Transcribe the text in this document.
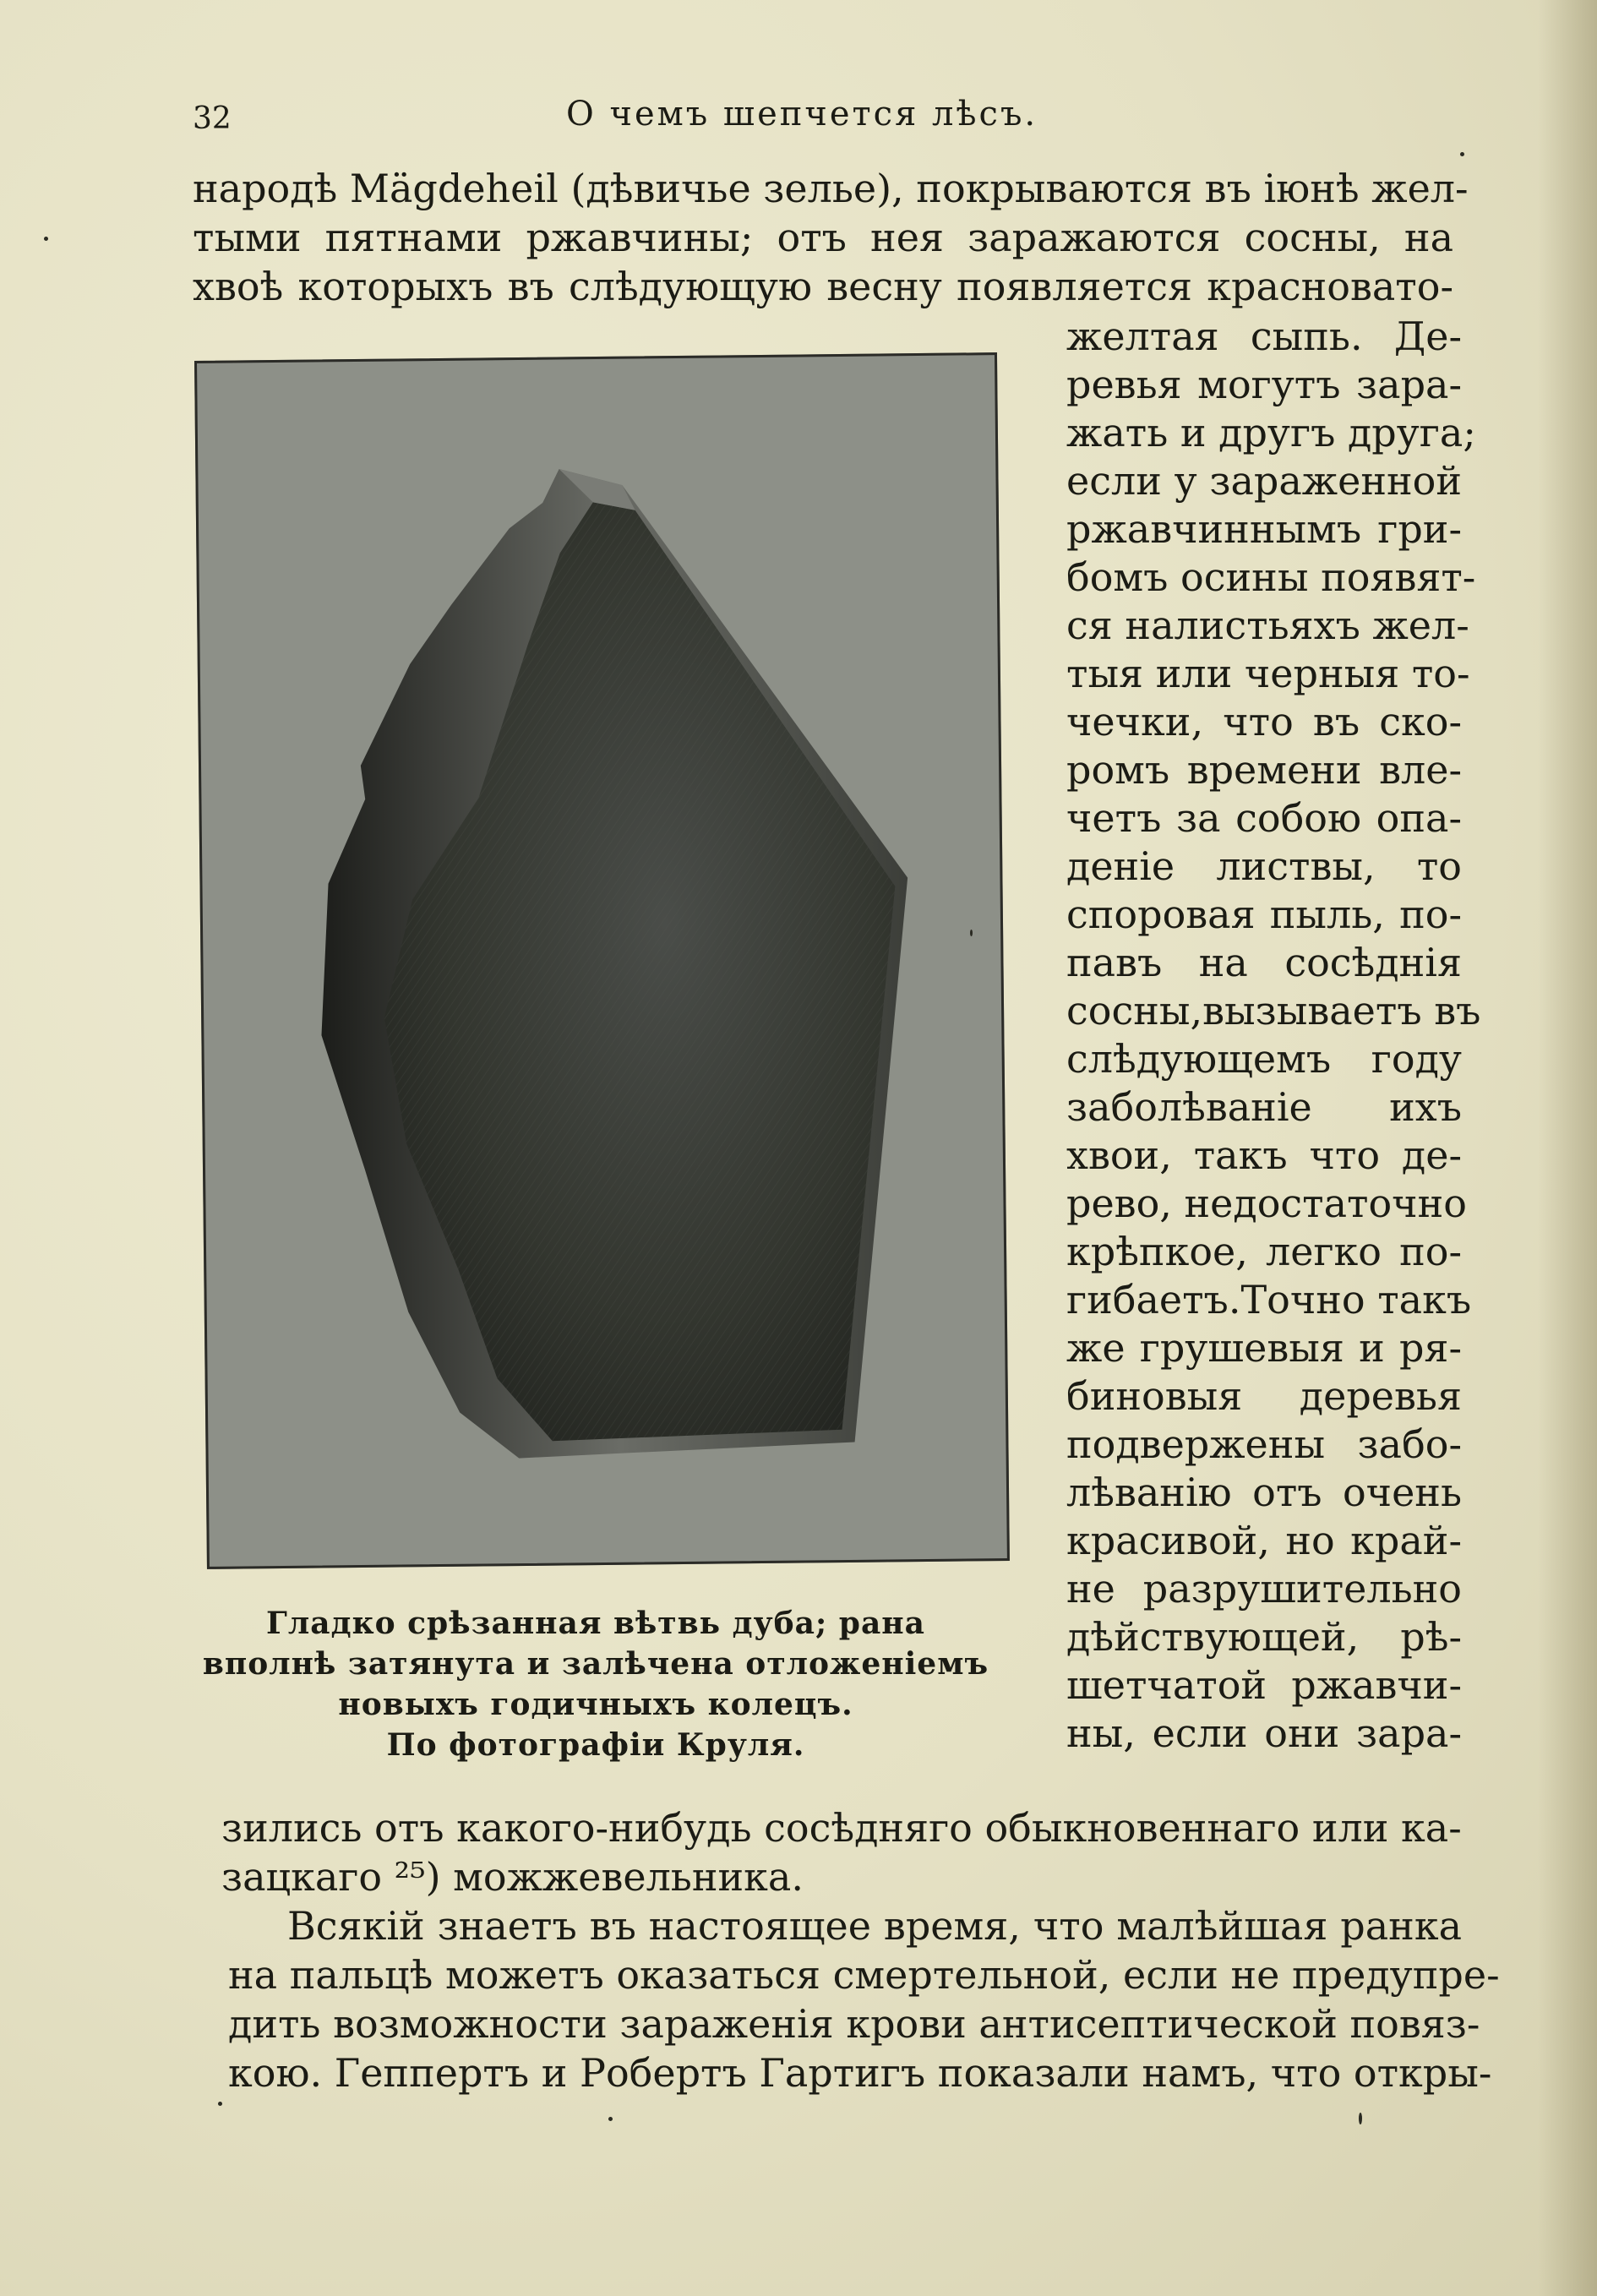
32	О чемъ шепчется лѣсъ.
народѣ Mägdeheil (дѣвичье зелье), покрываются въ іюнѣ жел-
тыми пятнами ржавчины; отъ нея заражаются сосны, на
хвоѣ которыхъ въ слѣдующую весну появляется красновато-
Гладко срѣзанная вѣтвь дуба; рана
вполнѣ затянута и залѣчена отложеніемъ
новыхъ годичныхъ колецъ.
По фотографіи Круля.
желтая сыпь. Де-
ревья могутъ зара-
жать и другъ друга;
если у зараженной
ржавчиннымъ гри-
бомъ осины появят-
ся налистьяхъ жел-
тыя или черныя то-
чечки, что въ ско-
ромъ времени вле-
четъ за собою опа-
деніе листвы, то
споровая пыль, по-
павъ на сосѣднія
сосны,вызываетъ въ
слѣдующемъ году
заболѣваніе ихъ
хвои, такъ что де-
рево, недостаточно
крѣпкое, легко по-
гибаетъ.Точно такъ
же грушевыя и ря-
биновыя деревья
подвержены забо-
лѣванію отъ очень
красивой, но край-
не разрушительно
дѣйствующей, рѣ-
шетчатой ржавчи-
ны, если они зара-
зились отъ какого-нибудь сосѣдняго обыкновеннаго или ка-
зацкаго ²⁵) можжевельника.
Всякій знаетъ въ настоящее время, что малѣйшая ранка
на пальцѣ можетъ оказаться смертельной, если не предупре-
дить возможности зараженія крови антисептической повяз-
кою. Геппертъ и Робертъ Гартигъ показали намъ, что откры-
